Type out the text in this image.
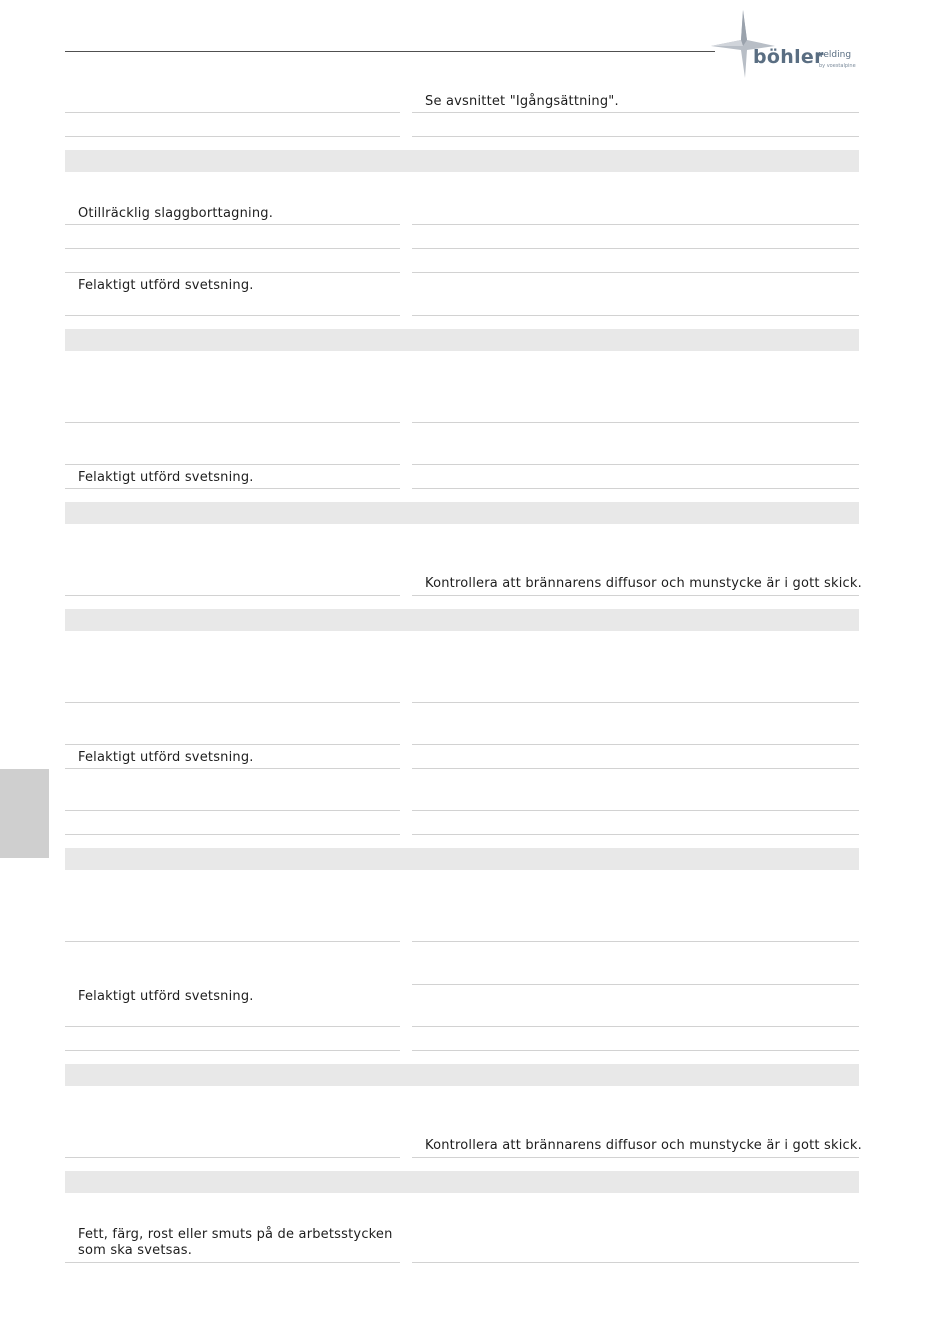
böhler
welding
by voestalpine
Se avsnittet "Igångsättning".
Otillräcklig slaggborttagning.
Felaktigt utförd svetsning.
Felaktigt utförd svetsning.
Kontrollera att brännarens diffusor och munstycke är i gott skick.
Felaktigt utförd svetsning.
Felaktigt utförd svetsning.
Kontrollera att brännarens diffusor och munstycke är i gott skick.
Fett, färg, rost eller smuts på de arbetsstycken som ska svetsas.
